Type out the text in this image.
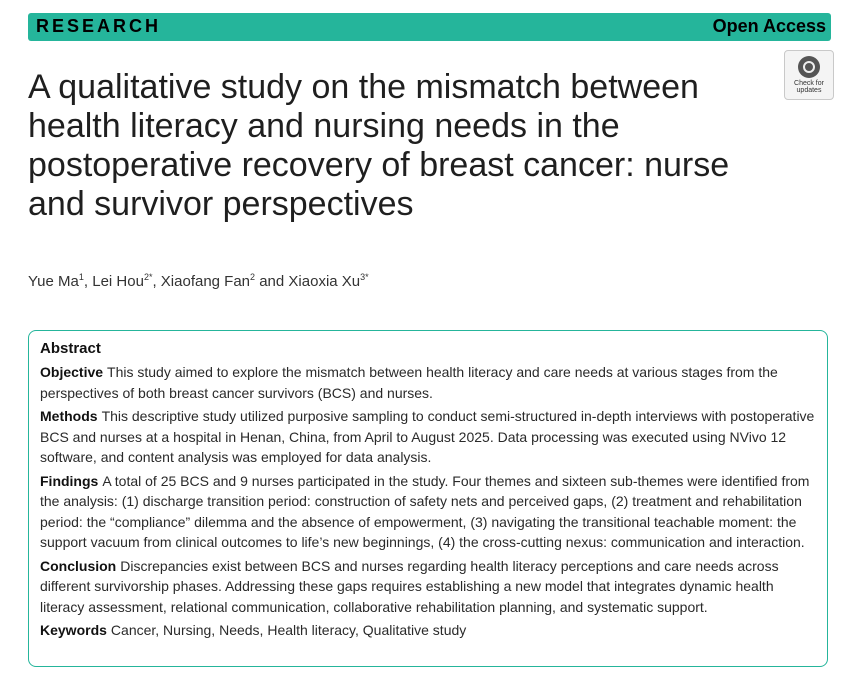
RESEARCH	Open Access
Check for
updates
A qualitative study on the mismatch between health literacy and nursing needs in the postoperative recovery of breast cancer: nurse and survivor perspectives
Yue Ma$^1$, Lei Hou$^{2*}$, Xiaofang Fan$^2$ and Xiaoxia $Xu^{3*}$
Abstract

Objective This study aimed to explore the mismatch between health literacy and care needs at various stages from the perspectives of both breast cancer survivors (BCS) and nurses.

Methods This descriptive study utilized purposive sampling to conduct semi-structured in-depth interviews with postoperative BCS and nurses at a hospital in Henan, China, from April to August 2025. Data processing was executed using NVivo 12 software, and content analysis was employed for data analysis.

Findings A total of 25 BCS and 9 nurses participated in the study. Four themes and sixteen sub-themes were identified from the analysis: (1) discharge transition period: construction of safety nets and perceived gaps, (2) treatment and rehabilitation period: the “compliance” dilemma and the absence of empowerment, (3) navigating the transitional teachable moment: the support vacuum from clinical outcomes to life’s new beginnings, (4) the cross-cutting nexus: communication and interaction.

Conclusion Discrepancies exist between BCS and nurses regarding health literacy perceptions and care needs across different survivorship phases. Addressing these gaps requires establishing a new model that integrates dynamic health literacy assessment, relational communication, collaborative rehabilitation planning, and systematic support.

Keywords Cancer, Nursing, Needs, Health literacy, Qualitative study
